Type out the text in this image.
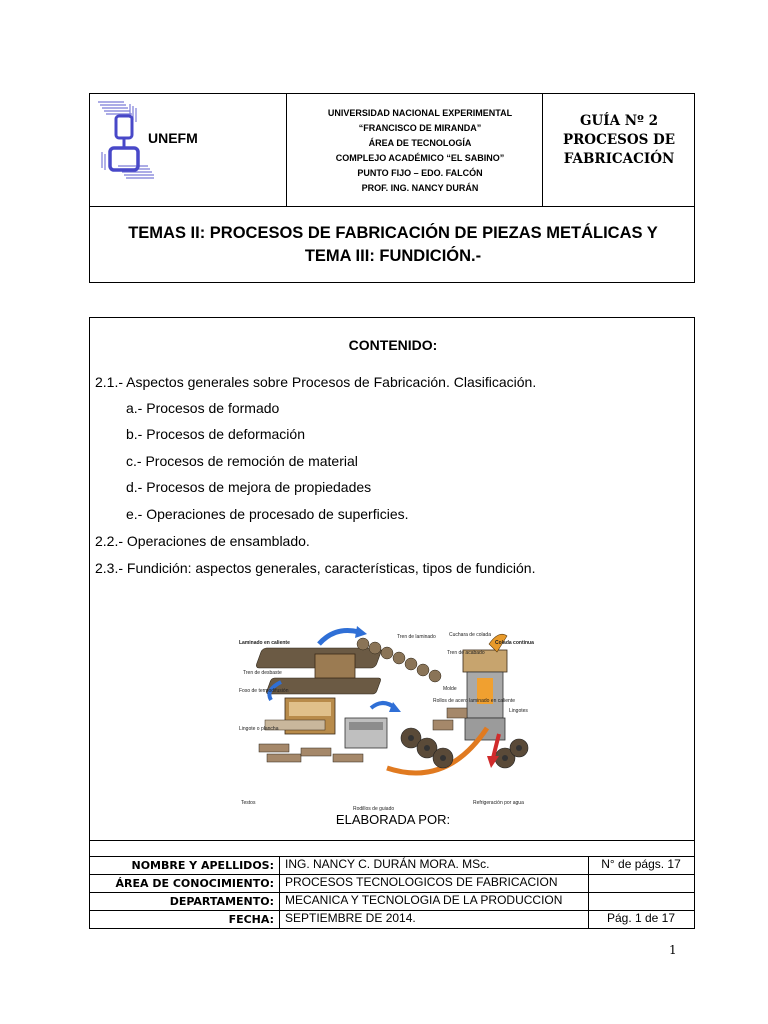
UNEFM
UNIVERSIDAD NACIONAL EXPERIMENTAL
“FRANCISCO DE MIRANDA”
ÁREA DE TECNOLOGÍA
COMPLEJO ACADÉMICO “EL SABINO”
PUNTO FIJO – EDO. FALCÓN
PROF. ING. NANCY DURÁN
GUÍA Nº 2
PROCESOS DE
FABRICACIÓN
TEMAS II: PROCESOS DE FABRICACIÓN DE PIEZAS METÁLICAS Y
TEMA III: FUNDICIÓN.-
CONTENIDO:
2.1.- Aspectos generales sobre Procesos de Fabricación. Clasificación.
a.- Procesos de formado
b.- Procesos de deformación
c.- Procesos de remoción de material
d.- Procesos de mejora de propiedades
e.- Operaciones de procesado de superficies.
2.2.- Operaciones de ensamblado.
2.3.- Fundición: aspectos generales, características, tipos de fundición.
Laminado en caliente
Tren de laminado	Cuchara de colada
Colada continua
Tren de desbaste
Tren de acabado
Foso de termodifusión	Molde
Rollos de acero laminado en caliente
Lingotes
Lingote o plancha
Testos
Rodillos de guiado
Refrigeración por agua
ELABORADA POR:
NOMBRE Y APELLIDOS: ING. NANCY C. DURÁN MORA. MSc.	N° de págs. 17
ÁREA DE CONOCIMIENTO: PROCESOS TECNOLOGICOS DE FABRICACION
DEPARTAMENTO: MECANICA Y TECNOLOGIA DE LA PRODUCCION
FECHA: SEPTIEMBRE DE 2014.	Pág. 1 de 17
1
